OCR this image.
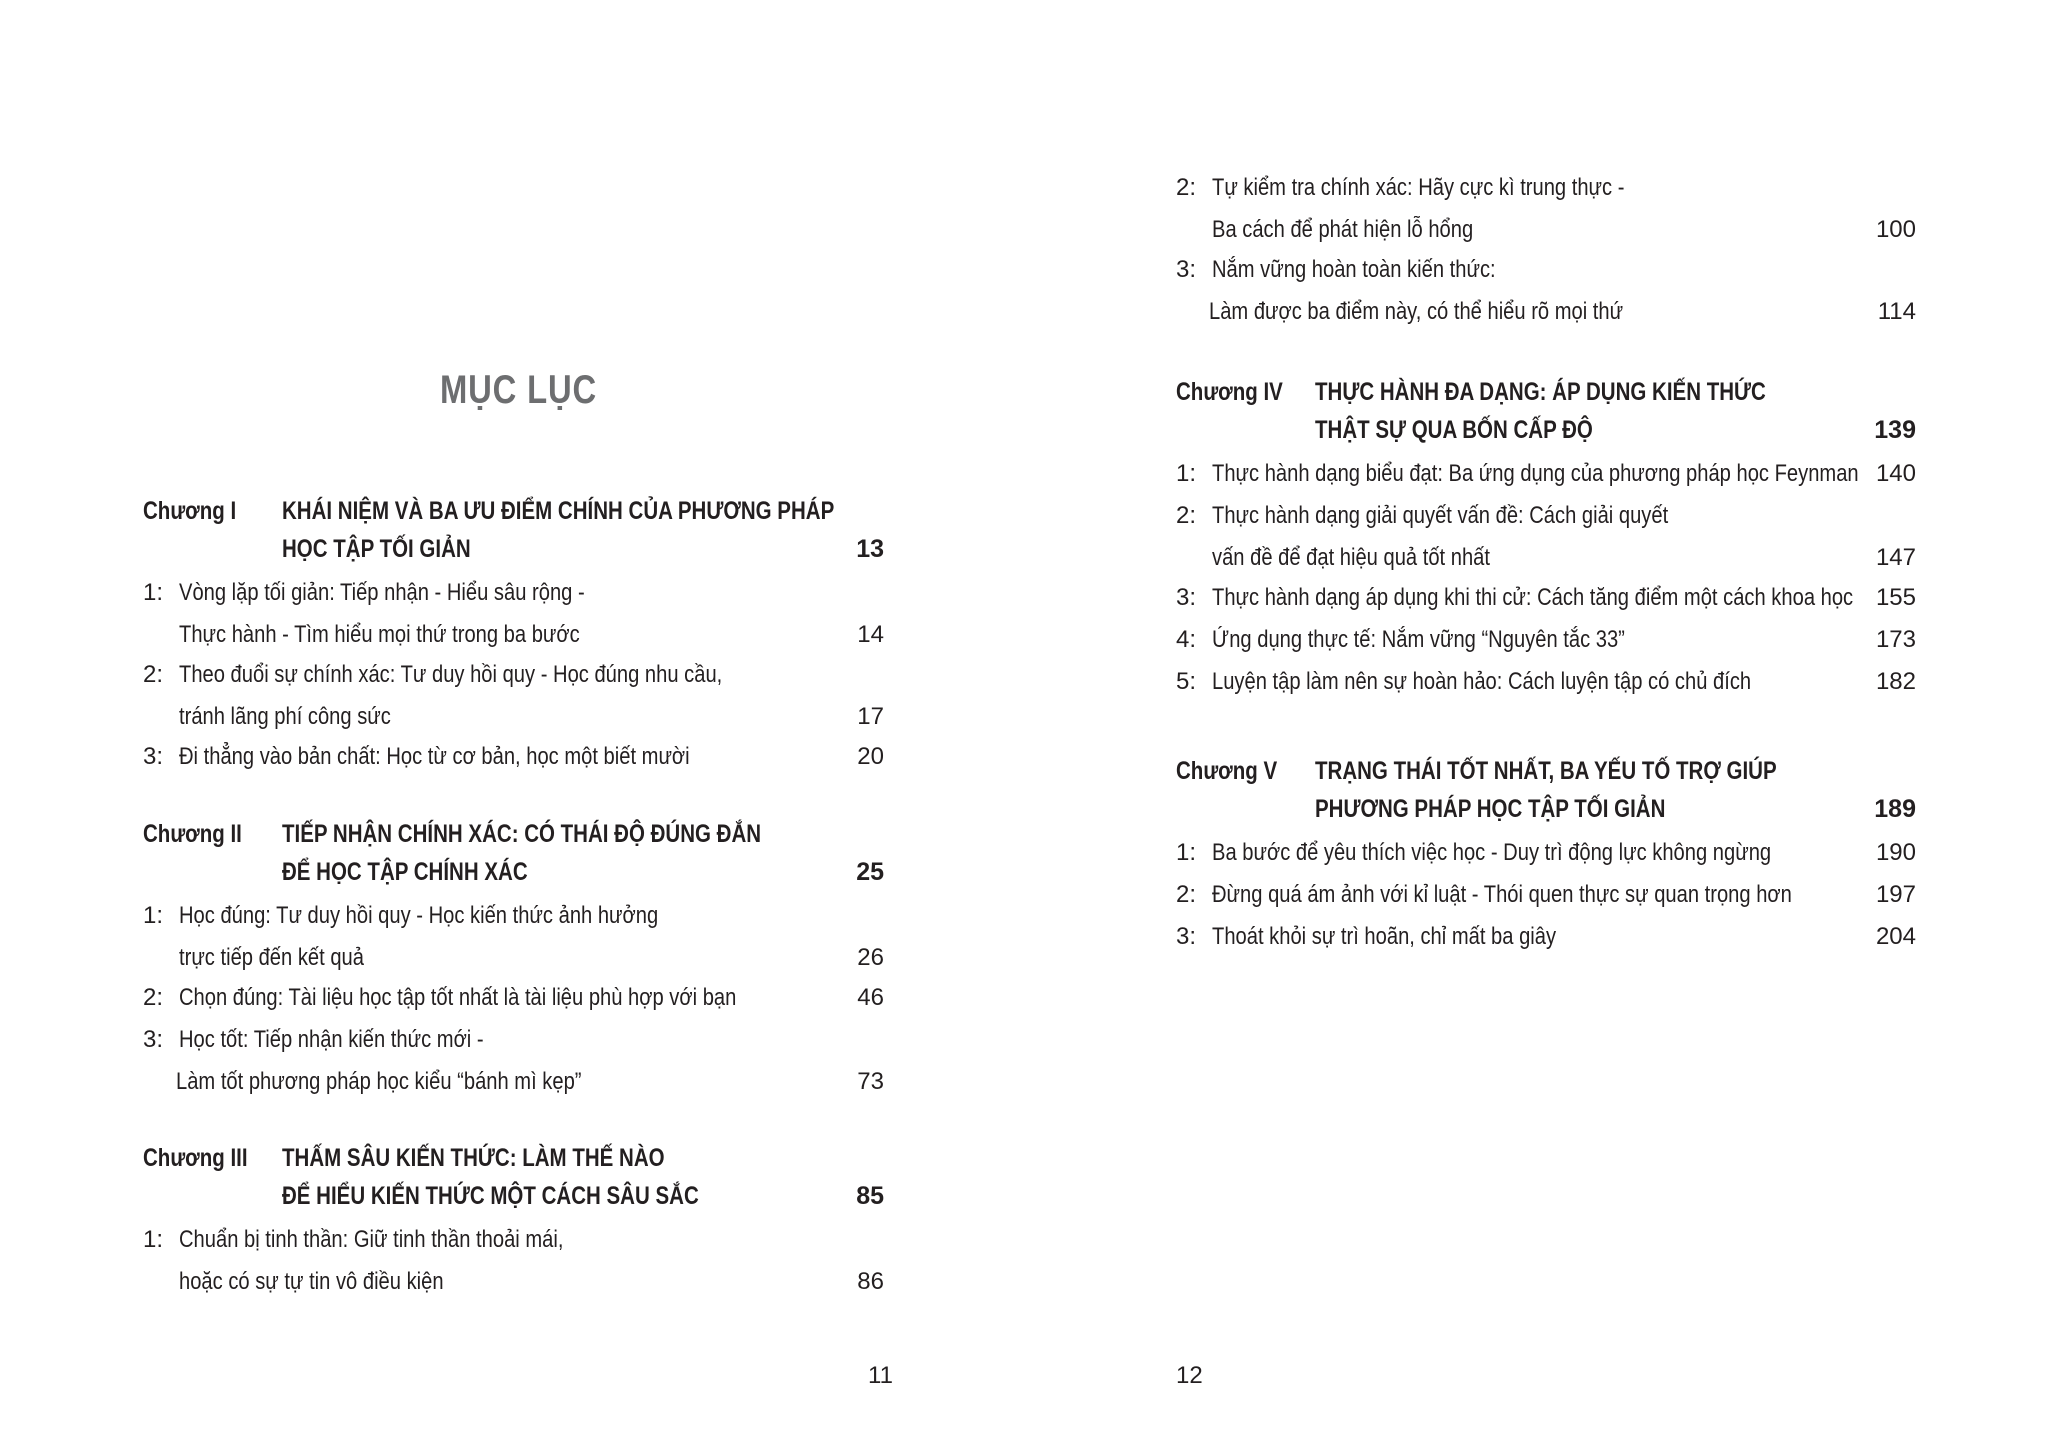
MỤC LỤC
Chương I KHÁI NIỆM VÀ BA ƯU ĐIỂM CHÍNH CỦA PHƯƠNG PHÁP
HỌC TẬP TỐI GIẢN	13
1: Vòng lặp tối giản: Tiếp nhận - Hiểu sâu rộng -
Thực hành - Tìm hiểu mọi thứ trong ba bước	14
2: Theo đuổi sự chính xác: Tư duy hồi quy - Học đúng nhu cầu,
tránh lãng phí công sức	17
3: Đi thẳng vào bản chất: Học từ cơ bản, học một biết mười	20
Chương II TIẾP NHẬN CHÍNH XÁC: CÓ THÁI ĐỘ ĐÚNG ĐẮN
ĐỂ HỌC TẬP CHÍNH XÁC	25
1: Học đúng: Tư duy hồi quy - Học kiến thức ảnh hưởng
trực tiếp đến kết quả	26
2: Chọn đúng: Tài liệu học tập tốt nhất là tài liệu phù hợp với bạn	46
3: Học tốt: Tiếp nhận kiến thức mới -
Làm tốt phương pháp học kiểu “bánh mì kẹp”	73
Chương III THẤM SÂU KIẾN THỨC: LÀM THẾ NÀO
ĐỂ HIỂU KIẾN THỨC MỘT CÁCH SÂU SẮC	85
1: Chuẩn bị tinh thần: Giữ tinh thần thoải mái,
hoặc có sự tự tin vô điều kiện	86
11
2: Tự kiểm tra chính xác: Hãy cực kì trung thực -
Ba cách để phát hiện lỗ hổng	100
3: Nắm vững hoàn toàn kiến thức:
Làm được ba điểm này, có thể hiểu rõ mọi thứ	114
Chương IV THỰC HÀNH ĐA DẠNG: ÁP DỤNG KIẾN THỨC
THẬT SỰ QUA BỐN CẤP ĐỘ	139
1: Thực hành dạng biểu đạt: Ba ứng dụng của phương pháp học Feynman 140
2: Thực hành dạng giải quyết vấn đề: Cách giải quyết
vấn đề để đạt hiệu quả tốt nhất	147
3: Thực hành dạng áp dụng khi thi cử: Cách tăng điểm một cách khoa học 155
4: Ứng dụng thực tế: Nắm vững “Nguyên tắc 33”	173
5: Luyện tập làm nên sự hoàn hảo: Cách luyện tập có chủ đích	182
Chương V TRẠNG THÁI TỐT NHẤT, BA YẾU TỐ TRỢ GIÚP
PHƯƠNG PHÁP HỌC TẬP TỐI GIẢN	189
1: Ba bước để yêu thích việc học - Duy trì động lực không ngừng	190
2: Đừng quá ám ảnh với kỉ luật - Thói quen thực sự quan trọng hơn	197
3: Thoát khỏi sự trì hoãn, chỉ mất ba giây	204
12
